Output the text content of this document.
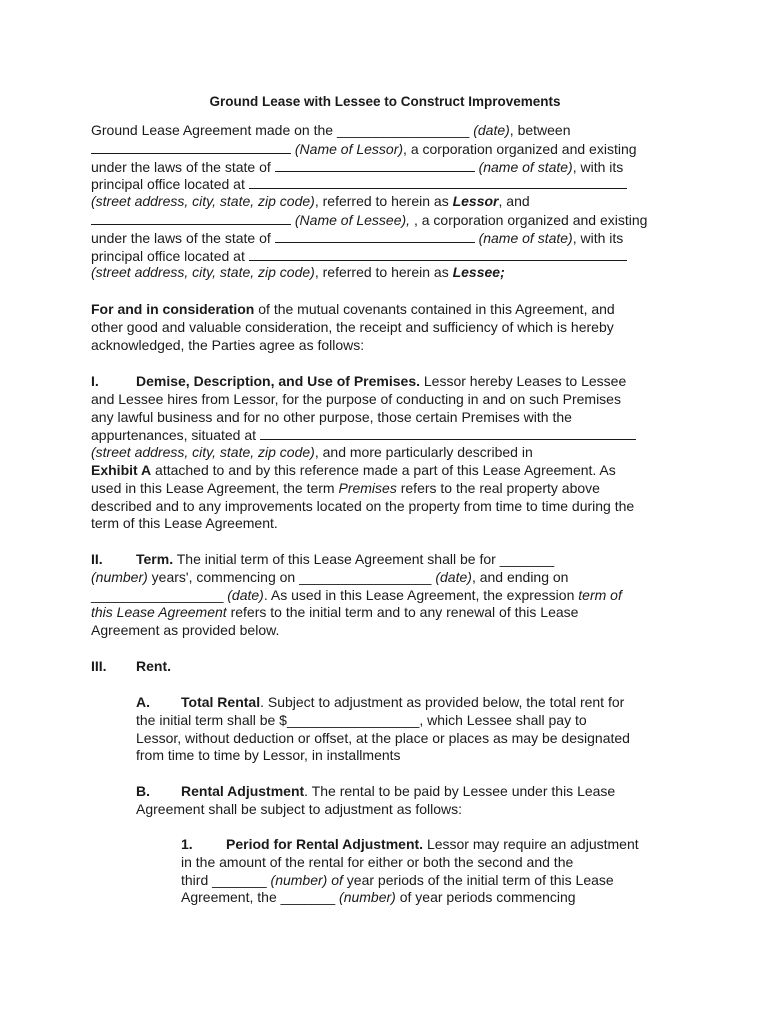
Ground Lease with Lessee to Construct Improvements
Ground Lease Agreement made on the _________________ (date), between
(Name of Lessor), a corporation organized and existing
under the laws of the state of	(name of state), with its
principal office located at
(street address, city, state, zip code), referred to herein as Lessor, and
(Name of Lessee), , a corporation organized and existing
under the laws of the state of	(name of state), with its
principal office located at
(street address, city, state, zip code), referred to herein as Lessee;
For and in consideration of the mutual covenants contained in this Agreement, and
other good and valuable consideration, the receipt and sufficiency of which is hereby
acknowledged, the Parties agree as follows:
I.	Demise, Description, and Use of Premises. Lessor hereby Leases to Lessee
and Lessee hires from Lessor, for the purpose of conducting in and on such Premises
any lawful business and for no other purpose, those certain Premises with the
appurtenances, situated at
(street address, city, state, zip code), and more particularly described in
Exhibit A attached to and by this reference made a part of this Lease Agreement. As
used in this Lease Agreement, the term Premises refers to the real property above
described and to any improvements located on the property from time to time during the
term of this Lease Agreement.
II. Term. The initial term of this Lease Agreement shall be for _______
(number) years', commencing on _________________ (date), and ending on
_________________ (date). As used in this Lease Agreement, the expression term of
this Lease Agreement refers to the initial term and to any renewal of this Lease
Agreement as provided below.
III. Rent.
A. Total Rental. Subject to adjustment as provided below, the total rent for
the initial term shall be $_________________, which Lessee shall pay to
Lessor, without deduction or offset, at the place or places as may be designated
from time to time by Lessor, in installments
B. Rental Adjustment. The rental to be paid by Lessee under this Lease
Agreement shall be subject to adjustment as follows:
1. Period for Rental Adjustment. Lessor may require an adjustment
in the amount of the rental for either or both the second and the
third _______ (number) of year periods of the initial term of this Lease
Agreement, the _______ (number) of year periods commencing
